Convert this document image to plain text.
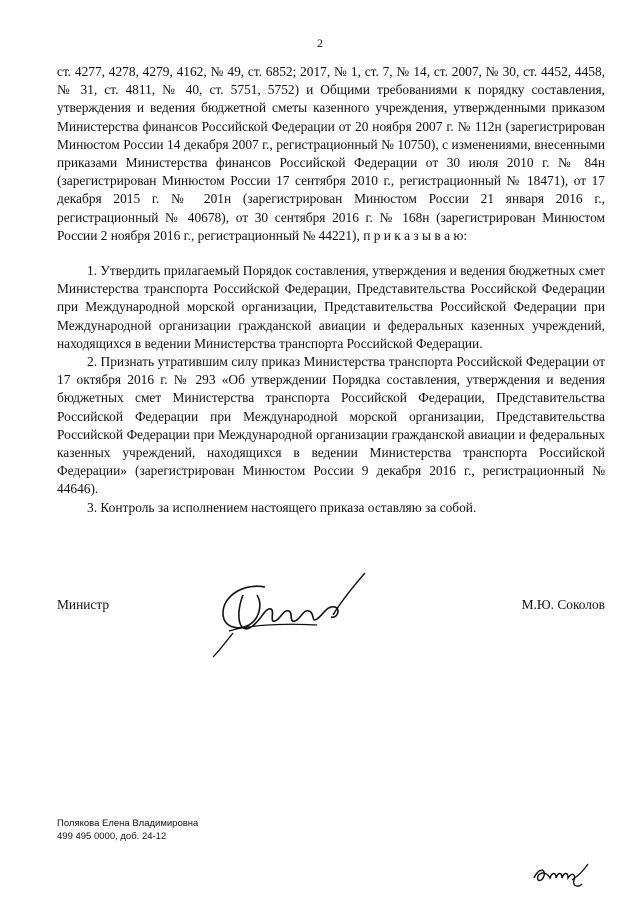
2

ст. 4277, 4278, 4279, 4162, № 49, ст. 6852; 2017, № 1, ст. 7, № 14, ст. 2007, № 30, ст. 4452, 4458, № 31, ст. 4811, № 40, ст. 5751, 5752) и Общими требованиями к порядку составления, утверждения и ведения бюджетной сметы казенного учреждения, утвержденными приказом Министерства финансов Российской Федерации от 20 ноября 2007 г. № 112н (зарегистрирован Минюстом России 14 декабря 2007 г., регистрационный № 10750), с изменениями, внесенными приказами Министерства финансов Российской Федерации от 30 июля 2010 г. № 84н (зарегистрирован Минюстом России 17 сентября 2010 г., регистрационный № 18471), от 17 декабря 2015 г. № 201н (зарегистрирован Минюстом России 21 января 2016 г., регистрационный № 40678), от 30 сентября 2016 г. № 168н (зарегистрирован Минюстом России 2 ноября 2016 г., регистрационный № 44221), п р и к а з ы в а ю:

1. Утвердить прилагаемый Порядок составления, утверждения и ведения бюджетных смет Министерства транспорта Российской Федерации, Представительства Российской Федерации при Международной морской организации, Представительства Российской Федерации при Международной организации гражданской авиации и федеральных казенных учреждений, находящихся в ведении Министерства транспорта Российской Федерации.

2. Признать утратившим силу приказ Министерства транспорта Российской Федерации от 17 октября 2016 г. № 293 «Об утверждении Порядка составления, утверждения и ведения бюджетных смет Министерства транспорта Российской Федерации, Представительства Российской Федерации при Международной морской организации, Представительства Российской Федерации при Международной организации гражданской авиации и федеральных казенных учреждений, находящихся в ведении Министерства транспорта Российской Федерации» (зарегистрирован Минюстом России 9 декабря 2016 г., регистрационный № 44646).

3. Контроль за исполнением настоящего приказа оставляю за собой.

Министр	М.Ю. Соколов
Полякова Елена Владимировна
499 495 0000, доб. 24-12
